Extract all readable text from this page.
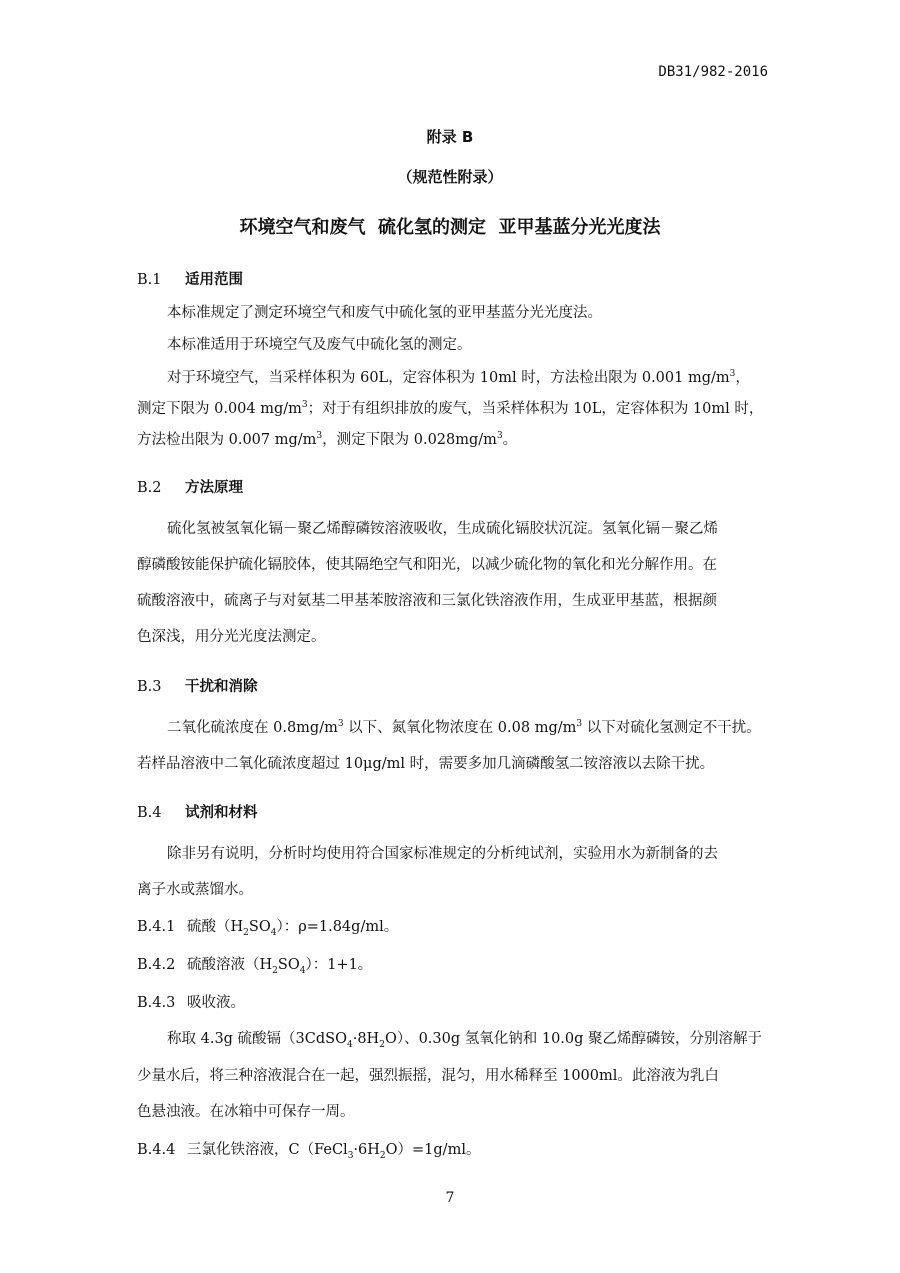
DB31/982-2016
附录 B
（规范性附录）
环境空气和废气  硫化氢的测定  亚甲基蓝分光光度法
B.1 适用范围
本标准规定了测定环境空气和废气中硫化氢的亚甲基蓝分光光度法。
本标准适用于环境空气及废气中硫化氢的测定。
对于环境空气，当采样体积为 60L，定容体积为 10ml 时，方法检出限为 0.001 $mg/m^3$，
测定下限为 0.004 $mg/m^3$；对于有组织排放的废气，当采样体积为 10L，定容体积为 10ml 时，
方法检出限为 0.007 $mg/m^3$，测定下限为 $0.028mg/m^3$。
B.2 方法原理
硫化氢被氢氧化镉－聚乙烯醇磷铵溶液吸收，生成硫化镉胶状沉淀。氢氧化镉－聚乙烯
醇磷酸铵能保护硫化镉胶体，使其隔绝空气和阳光，以减少硫化物的氧化和光分解作用。在
硫酸溶液中，硫离子与对氨基二甲基苯胺溶液和三氯化铁溶液作用，生成亚甲基蓝，根据颜
色深浅，用分光光度法测定。
B.3 干扰和消除
二氧化硫浓度在 $0.8mg/m^3$ 以下、氮氧化物浓度在 0.08 $mg/m^3$ 以下对硫化氢测定不干扰。
若样品溶液中二氧化硫浓度超过 10μg/ml 时，需要多加几滴磷酸氢二铵溶液以去除干扰。
B.4 试剂和材料
除非另有说明，分析时均使用符合国家标准规定的分析纯试剂，实验用水为新制备的去
离子水或蒸馏水。
B.4.1 硫酸$(H_2SO_4)$：ρ=1.84g/ml。
B.4.2 硫酸溶液$(H_2SO_4)$：1+1。
B.4.3 吸收液。
称取 4.3g 硫酸镉$(3CdSO_4\cdot 8H_2O)$、0.30g 氢氧化钠和 10.0g 聚乙烯醇磷铵，分别溶解于
少量水后，将三种溶液混合在一起，强烈振摇，混匀，用水稀释至 1000ml。此溶液为乳白
色悬浊液。在冰箱中可保存一周。
B.4.4 三氯化铁溶液，$C(FeCl_3\cdot 6H_2O)=1g/ml$。
7
